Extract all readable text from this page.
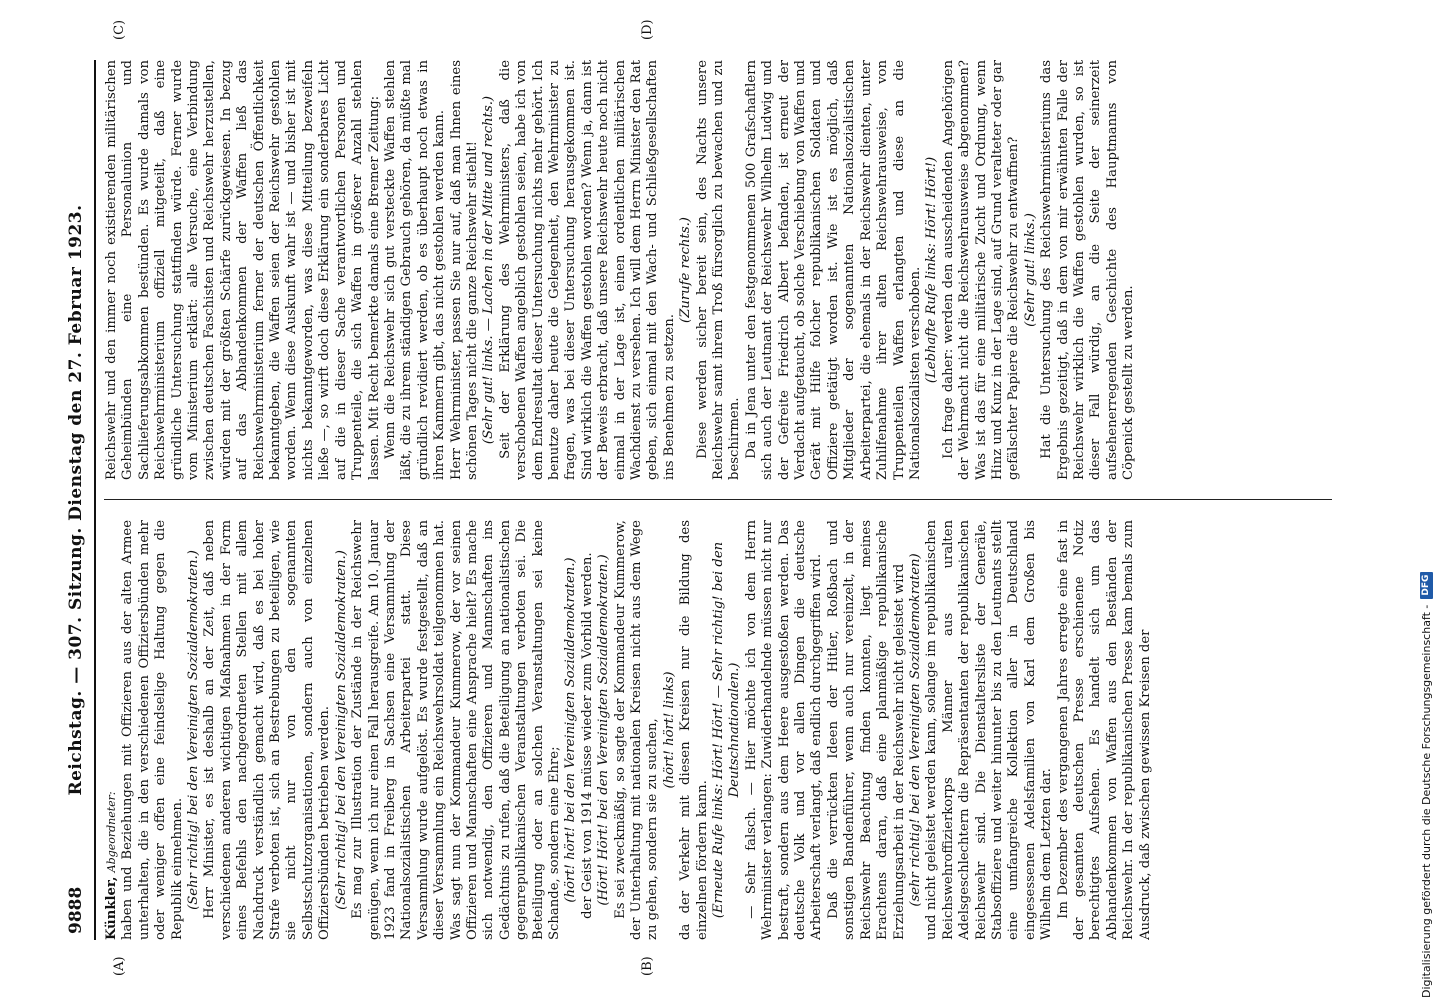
9888
Reichstag. — 307. Sitzung. Dienstag den 27. Februar 1923.
(A)	(B)
(C)	(D)

Künkler, Abgeordneter: haben und Beziehungen mit Offizieren aus der alten Armee unterhalten, die in den verschiedenen Offiziersbünden mehr oder weniger offen eine feindselige Haltung gegen die Republik einnehmen. (Sehr richtig! bei den Vereinigten Sozialdemokraten.) Herr Minister, es ist deshalb an der Zeit, daß neben verschiedenen anderen wichtigen Maßnahmen in der Form eines Befehls den nachgeordneten Stellen mit allem Nachdruck verständlich gemacht wird, daß es bei hoher Strafe verboten ist, sich an Bestrebungen zu beteiligen, wie sie nicht nur von den sogenannten Selbstschutzorganisationen, sondern auch von einzelnen Offiziersbünden betrieben werden. (Sehr richtig! bei den Vereinigten Sozialdemokraten.) Es mag zur Illustration der Zustände in der Reichswehr genügen, wenn ich nur einen Fall herausgreife. Am 10. Januar 1923 fand in Freiberg in Sachsen eine Versammlung der Nationalsozialistischen Arbeiterpartei statt. Diese Versammlung wurde aufgelöst. Es wurde festgestellt, daß an dieser Versammlung ein Reichswehrsoldat teilgenommen hat. Was sagt nun der Kommandeur Kummerow, der vor seinen Offizieren und Mannschaften eine Ansprache hielt? Es mache sich notwendig, den Offizieren und Mannschaften ins Gedächtnis zu rufen, daß die Beteiligung an nationalistischen gegenrepublikanischen Veranstaltungen verboten sei. Die Beteiligung oder an solchen Veranstaltungen sei keine Schande, sondern eine Ehre; (hört! hört! bei den Vereinigten Sozialdemokraten.) der Geist von 1914 müsse wieder zum Vorbild werden. (Hört! Hört! bei den Vereinigten Sozialdemokraten.) Es sei zweckmäßig, so sagte der Kommandeur Kummerow, der Unterhaltung mit nationalen Kreisen nicht aus dem Wege zu gehen, sondern sie zu suchen, (hört! hört! links) da der Verkehr mit diesen Kreisen nur die Bildung des einzelnen fördern kann. (Erneute Rufe links: Hört! Hört! — Sehr richtig! bei den Deutschnationalen.) — Sehr falsch. — Hier möchte ich von dem Herrn Wehrminister verlangen: Zuwiderhandelnde müssen nicht nur bestraft, sondern aus dem Heere ausgestoßen werden. Das deutsche Volk und vor allen Dingen die deutsche Arbeiterschaft verlangt, daß endlich durchgegriffen wird. Daß die verrückten Ideen der Hitler, Roßbach und sonstigen Bandenführer, wenn auch nur vereinzelt, in der Reichswehr Beachtung finden konnten, liegt meines Erachtens daran, daß eine planmäßige republikanische Erziehungsarbeit in der Reichswehr nicht geleistet wird (sehr richtig! bei den Vereinigten Sozialdemokraten) und nicht geleistet werden kann, solange im republikanischen Reichswehroffizierkorps Männer aus uralten Adelsgeschlechtern die Repräsentanten der republikanischen Reichswehr sind. Die Dienstaltersliste der Generäle, Stabsoffiziere und weiter hinunter bis zu den Leutnants stellt eine umfangreiche Kollektion aller in Deutschland eingesessenen Adelsfamilien von Karl dem Großen bis Wilhelm dem Letzten dar. Im Dezember des vergangenen Jahres erregte eine fast in der gesamten deutschen Presse erschienene Notiz berechtigtes Aufsehen. Es handelt sich um das Abhandenkommen von Waffen aus den Beständen der Reichswehr. In der republikanischen Presse kam bemals zum Ausdruck, daß zwischen gewissen Kreisen der

Reichswehr und den immer noch existierenden militärischen Geheimbünden eine Personalunion und Sachlieferungsabkommen bestünden. Es wurde damals von Reichswehrministerium offiziell mitgeteilt, daß eine gründliche Untersuchung stattfinden würde. Ferner wurde vom Ministerium erklärt: alle Versuche, eine Verbindung zwischen deutschen Faschisten und Reichswehr herzustellen, würden mit der größten Schärfe zurückgewiesen. In bezug auf das Abhandenkommen der Waffen ließ das Reichswehrministerium ferner der deutschen Öffentlichkeit bekanntgeben, die Waffen seien der Reichswehr gestohlen worden. Wenn diese Auskunft wahr ist — und bisher ist mit nichts bekanntgeworden, was diese Mitteilung bezweifeln ließe —, so wirft doch diese Erklärung ein sonderbares Licht auf die in dieser Sache verantwortlichen Personen und Truppenteile, die sich Waffen in größerer Anzahl stehlen lassen. Mit Recht bemerkte damals eine Bremer Zeitung: Wenn die Reichswehr sich gut versteckte Waffen stehlen läßt, die zu ihrem ständigen Gebrauch gehören, da müßte mal gründlich revidiert werden, ob es überhaupt noch etwas in ihren Kammern gibt, das nicht gestohlen werden kann. Herr Wehrminister, passen Sie nur auf, daß man Ihnen eines schönen Tages nicht die ganze Reichswehr stiehlt! (Sehr gut! links. — Lachen in der Mitte und rechts.) Seit der Erklärung des Wehrministers, daß die verschobenen Waffen angeblich gestohlen seien, habe ich von dem Endresultat dieser Untersuchung nichts mehr gehört. Ich benutze daher heute die Gelegenheit, den Wehrminister zu fragen, was bei dieser Untersuchung herausgekommen ist. Sind wirklich die Waffen gestohlen worden? Wenn ja, dann ist der Beweis erbracht, daß unsere Reichswehr heute noch nicht einmal in der Lage ist, einen ordentlichen militärischen Wachdienst zu versehen. Ich will dem Herrn Minister den Rat geben, sich einmal mit den Wach- und Schließgesellschaften ins Benehmen zu setzen.

(Zurufe rechts.) Diese werden sicher bereit sein, des Nachts unsere Reichswehr samt ihrem Troß fürsorglich zu bewachen und zu beschirmen. Da in Jena unter den festgenommenen 500 Grafschaftlern sich auch der Leutnant der Reichswehr Wilhelm Ludwig und der Gefreite Friedrich Albert befanden, ist erneut der Verdacht aufgetaucht, ob solche Verschiebung von Waffen und Gerät mit Hilfe folcher republikanischen Soldaten und Offiziere getätigt worden ist. Wie ist es möglich, daß Mitglieder der sogenannten Nationalsozialistischen Arbeiterpartei, die ehemals in der Reichswehr dienten, unter Zuhilfenahme ihrer alten Reichswehrausweise, von Truppenteilen Waffen erlangten und diese an die Nationalsozialisten verschoben. (Lebhafte Rufe links: Hört! Hört!) Ich frage daher: werden den ausscheidenden Angehörigen der Wehrmacht nicht die Reichswehrausweise abgenommen? Was ist das für eine militärische Zucht und Ordnung, wenn Hinz und Kunz in der Lage sind, auf Grund veralteter oder gar gefälschter Papiere die Reichswehr zu entwaffnen? (Sehr gut! links.) Hat die Untersuchung des Reichswehrministeriums das Ergebnis gezeitigt, daß in dem von mir erwähnten Falle der Reichswehr wirklich die Waffen gestohlen wurden, so ist dieser Fall würdig, an die Seite der seinerzeit aufsehenerregenden Geschichte des Hauptmanns von Cöpenick gestellt zu werden.

Digitalisierung gefördert durch die Deutsche Forschungsgemeinschaft -
DFG
